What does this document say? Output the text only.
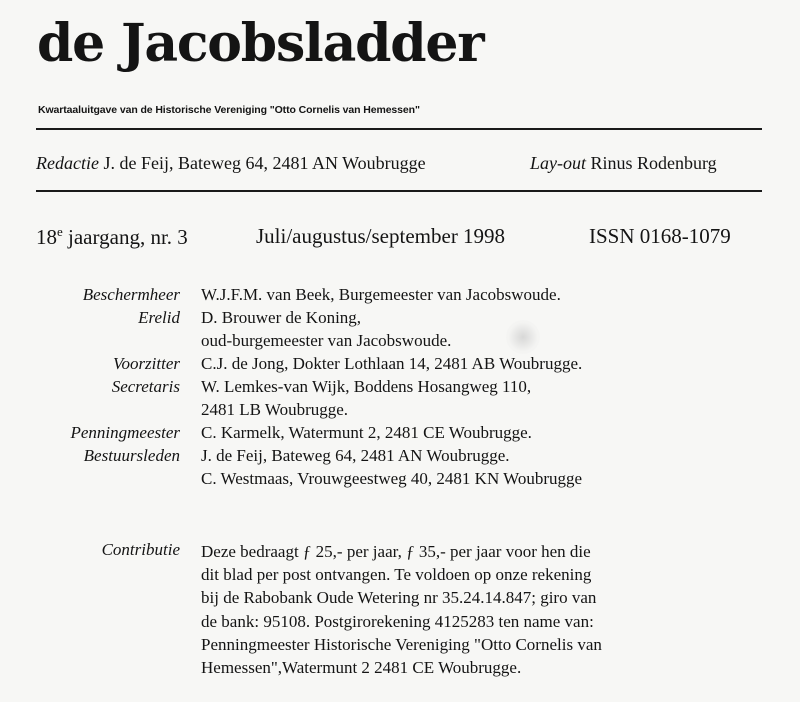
de Jacobsladder
Kwartaaluitgave van de Historische Vereniging "Otto Cornelis van Hemessen"
Redactie J. de Feij, Bateweg 64, 2481 AN Woubrugge	Lay-out Rinus Rodenburg
18e jaargang, nr. 3	Juli/augustus/september 1998	ISSN 0168-1079
Beschermheer W.J.F.M. van Beek, Burgemeester van Jacobswoude.
Erelid D. Brouwer de Koning,
oud-burgemeester van Jacobswoude.
Voorzitter C.J. de Jong, Dokter Lothlaan 14, 2481 AB Woubrugge.
Secretaris W. Lemkes-van Wijk, Boddens Hosangweg 110,
2481 LB Woubrugge.
Penningmeester C. Karmelk, Watermunt 2, 2481 CE Woubrugge.
Bestuursleden J. de Feij, Bateweg 64, 2481 AN Woubrugge.
C. Westmaas, Vrouwgeestweg 40, 2481 KN Woubrugge
Contributie Deze bedraagt ƒ 25,- per jaar, ƒ 35,- per jaar voor hen die
dit blad per post ontvangen. Te voldoen op onze rekening
bij de Rabobank Oude Wetering nr 35.24.14.847; giro van
de bank: 95108. Postgirorekening 4125283 ten name van:
Penningmeester Historische Vereniging "Otto Cornelis van
Hemessen",Watermunt 2 2481 CE Woubrugge.
